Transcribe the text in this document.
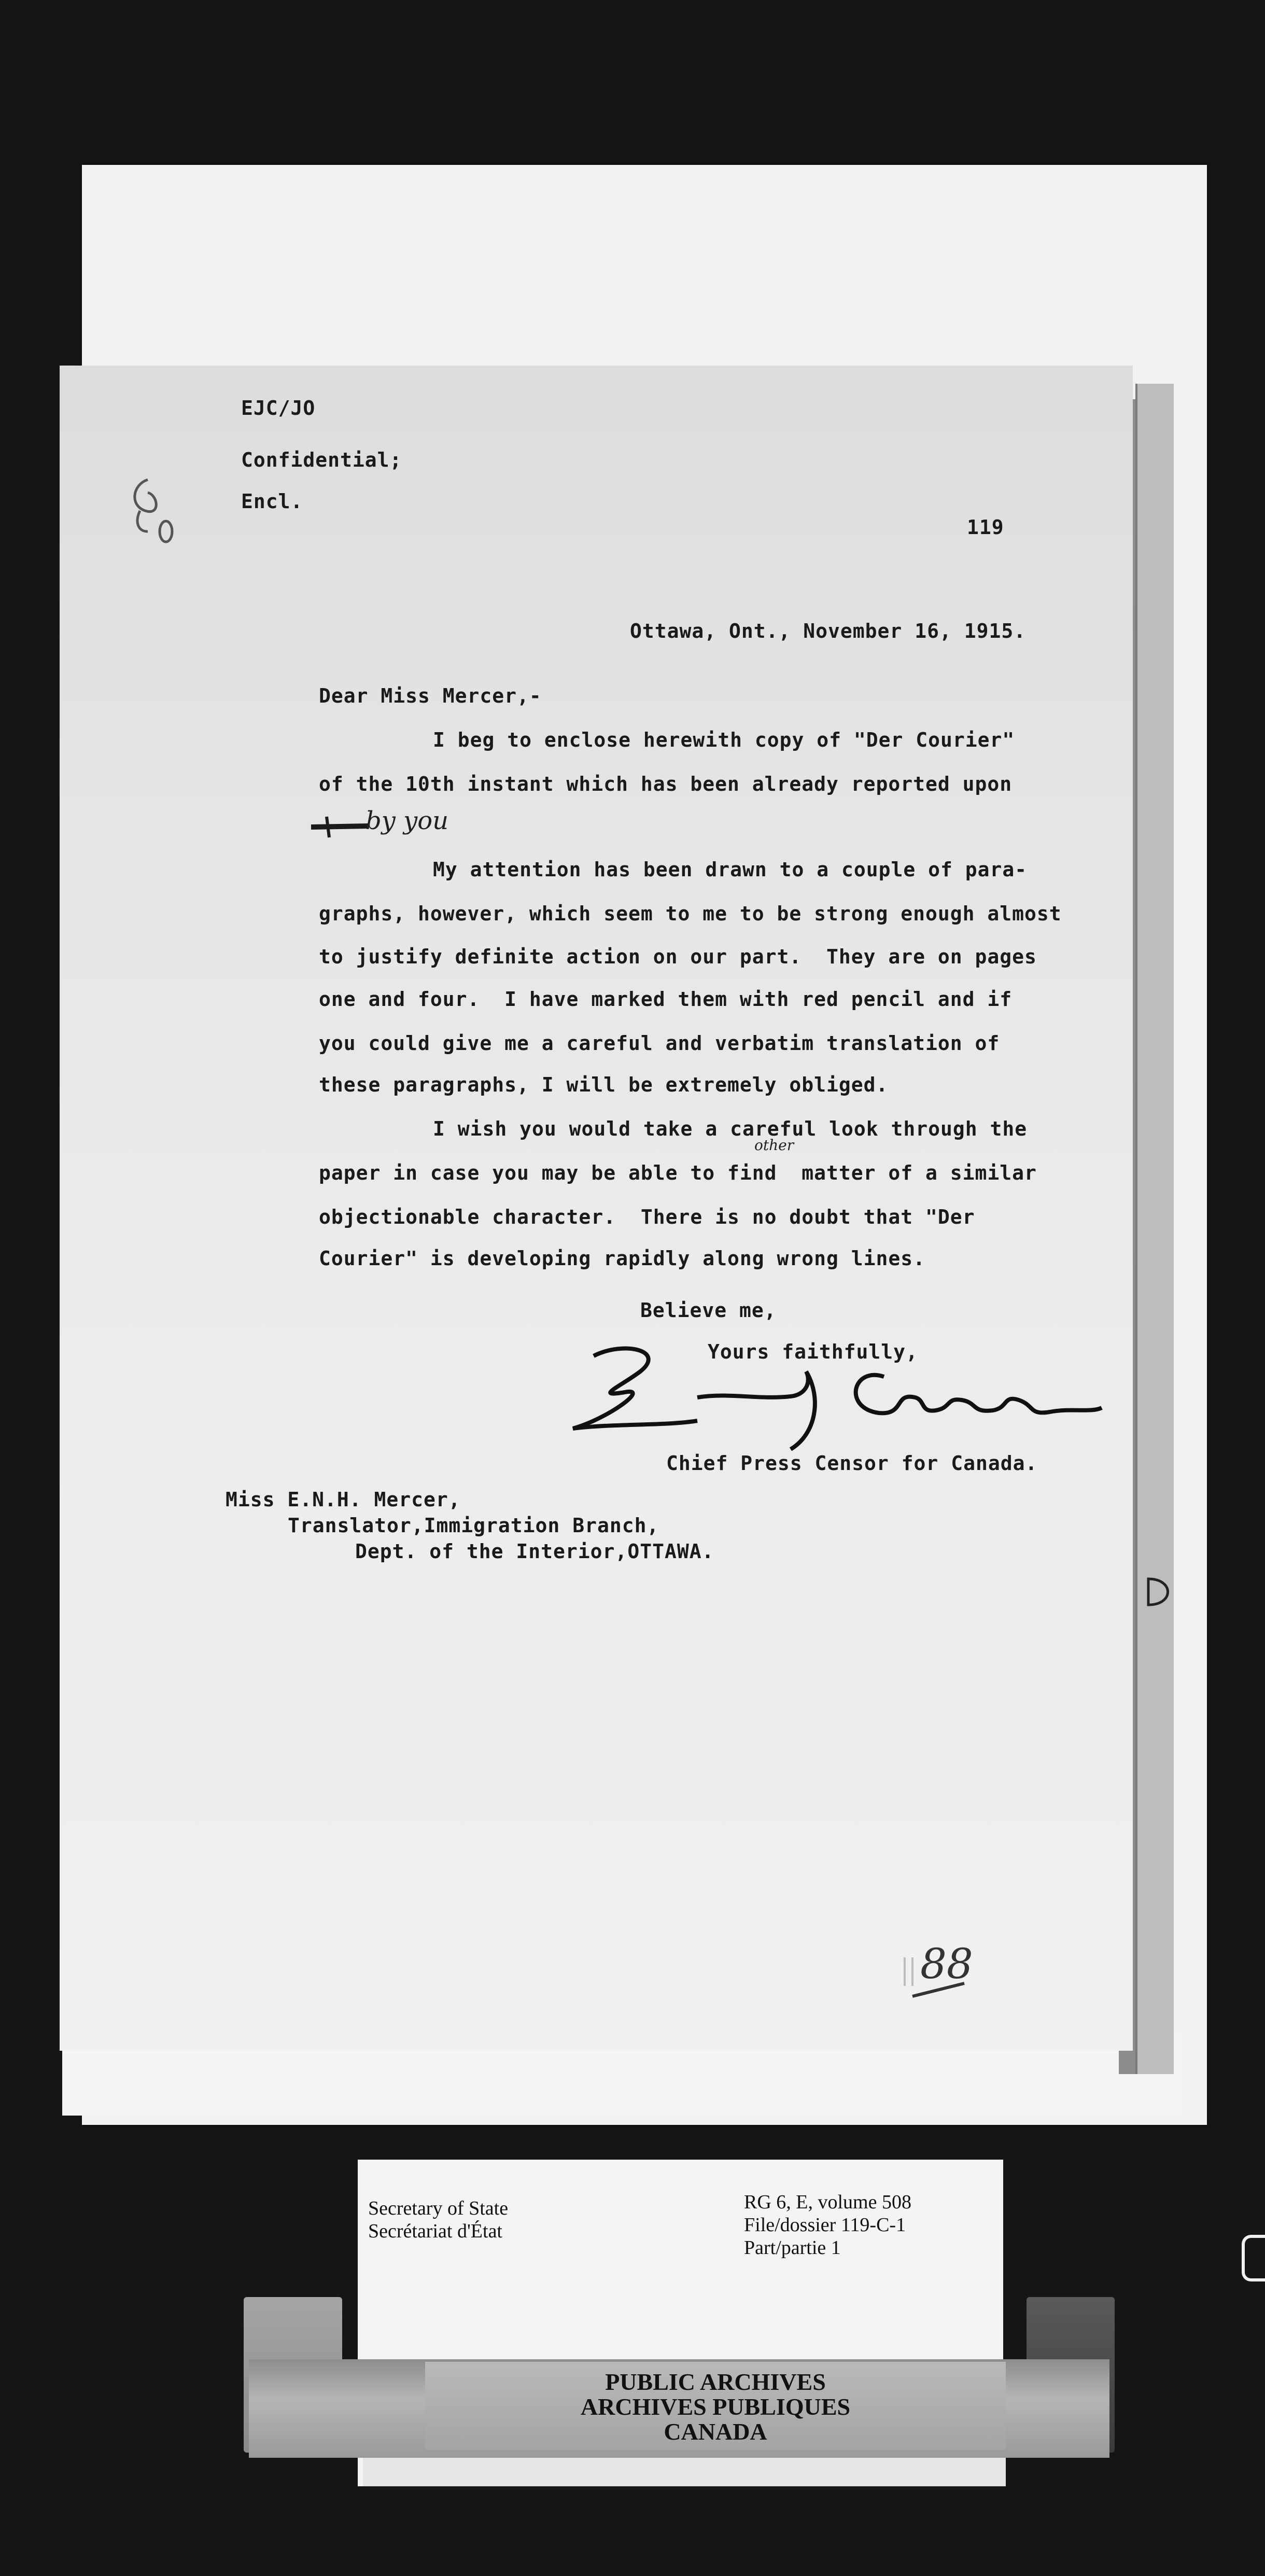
EJC/JO
Confidential;
Encl.
119
Ottawa, Ont., November 16, 1915.
Dear Miss Mercer,-
I beg to enclose herewith copy of "Der Courier"
of the 10th instant which has been already reported upon
by you
My attention has been drawn to a couple of para-
graphs, however, which seem to me to be strong enough almost
to justify definite action on our part.  They are on pages
one and four.  I have marked them with red pencil and if
you could give me a careful and verbatim translation of
these paragraphs, I will be extremely obliged.
I wish you would take a careful look through the
other
paper in case you may be able to find  matter of a similar
objectionable character.  There is no doubt that "Der
Courier" is developing rapidly along wrong lines.
Believe me,
Yours faithfully,
Ernest J. Chambers
Chief Press Censor for Canada.
Miss E.N.H. Mercer,
Translator,Immigration Branch,
Dept. of the Interior,OTTAWA.
88
Secretary of State
Secrétariat d'État
RG 6, E, volume 508
File/dossier 119-C-1
Part/partie 1
PUBLIC ARCHIVES
ARCHIVES PUBLIQUES
CANADA
